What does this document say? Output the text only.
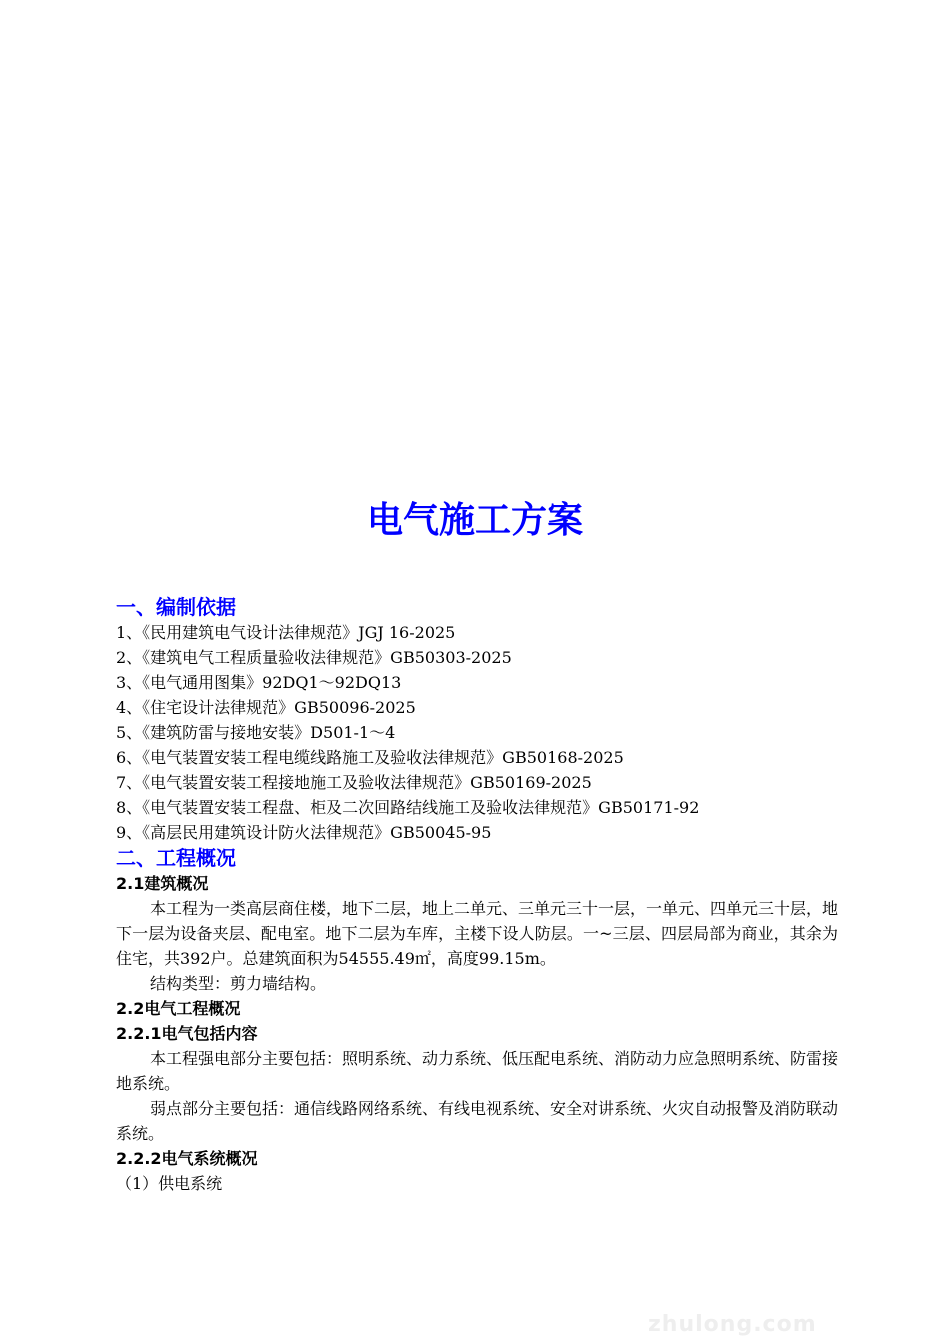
电气施工方案
一、编制依据
1、《民用建筑电气设计法律规范》JGJ 16-2025
2、《建筑电气工程质量验收法律规范》GB50303-2025
3、《电气通用图集》92DQ1～92DQ13
4、《住宅设计法律规范》GB50096-2025
5、《建筑防雷与接地安装》D501-1～4
6、《电气装置安装工程电缆线路施工及验收法律规范》GB50168-2025
7、《电气装置安装工程接地施工及验收法律规范》GB50169-2025
8、《电气装置安装工程盘、柜及二次回路结线施工及验收法律规范》GB50171-92
9、《高层民用建筑设计防火法律规范》GB50045-95
二、工程概况
2.1建筑概况
本工程为一类高层商住楼，地下二层，地上二单元、三单元三十一层，一单元、四单元三十层，地下一层为设备夹层、配电室。地下二层为车库，主楼下设人防层。一~三层、四层局部为商业，其余为住宅，共392户。总建筑面积为54555.49㎡，高度99.15m。
结构类型：剪力墙结构。
2.2电气工程概况
2.2.1电气包括内容
本工程强电部分主要包括：照明系统、动力系统、低压配电系统、消防动力应急照明系统、防雷接地系统。
弱点部分主要包括：通信线路网络系统、有线电视系统、安全对讲系统、火灾自动报警及消防联动系统。
2.2.2电气系统概况
（1）供电系统
zhulong.com
